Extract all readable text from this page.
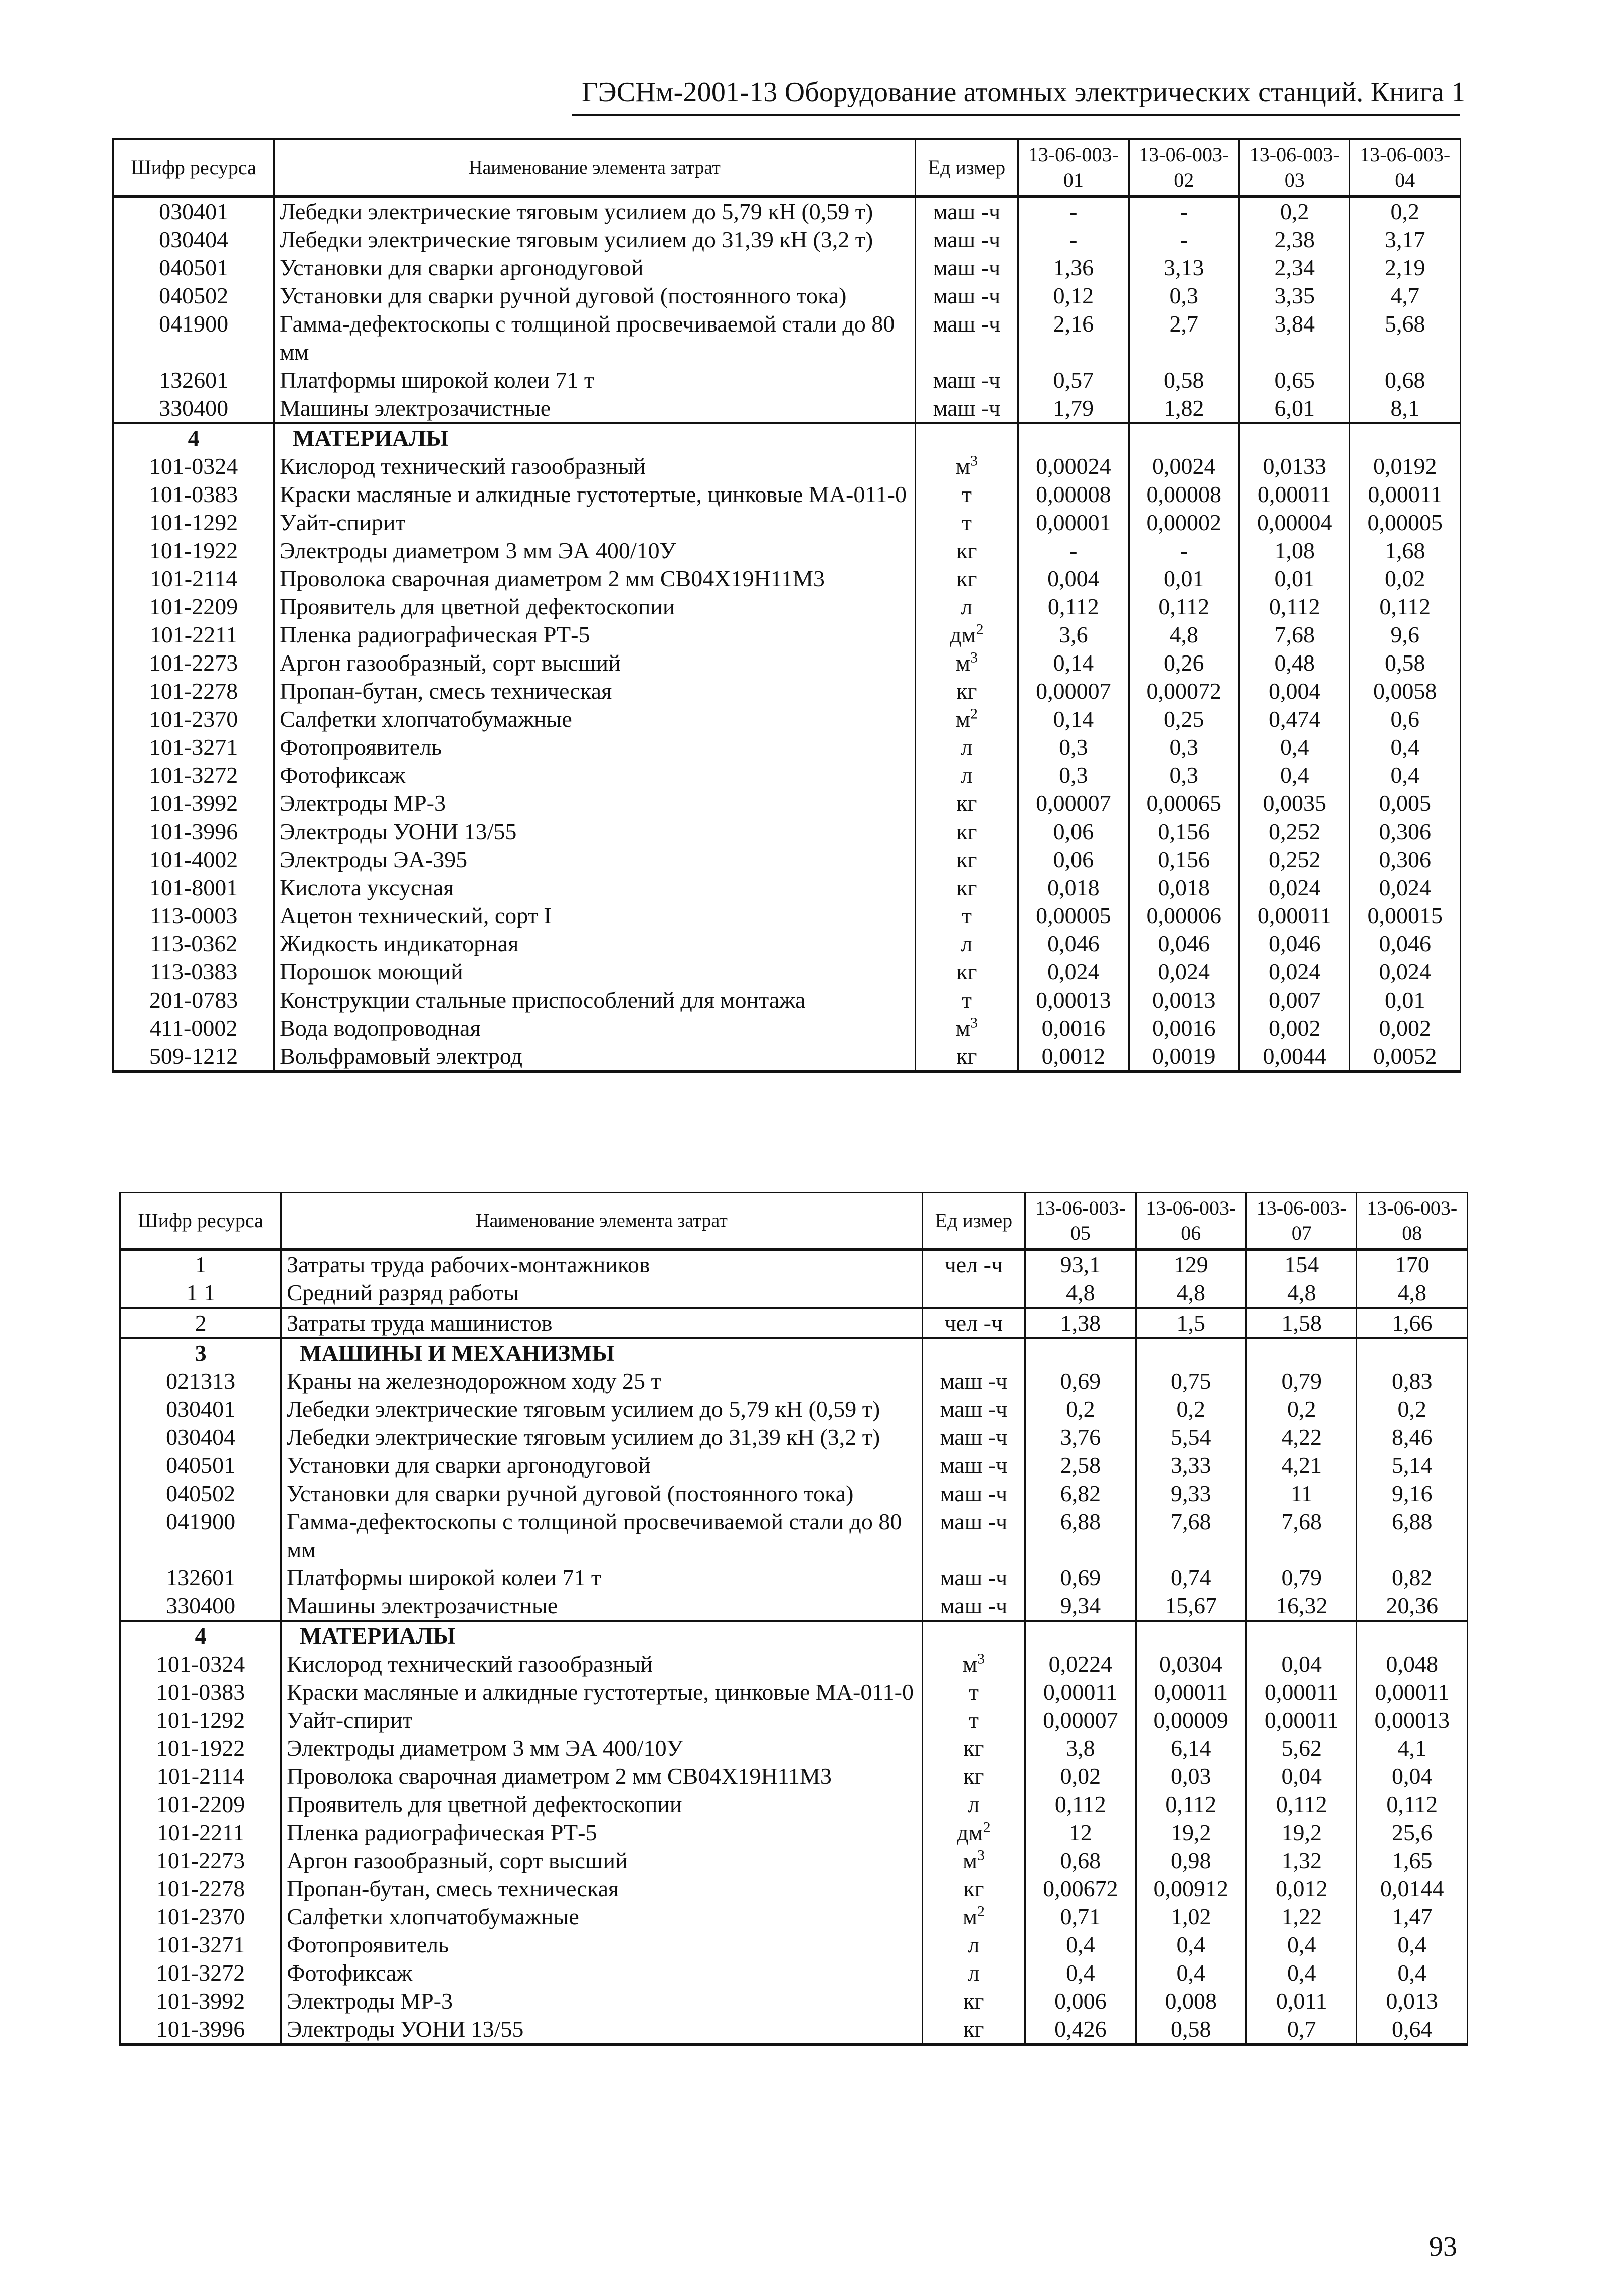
ГЭСНм-2001-13 Оборудование атомных электрических станций. Книга 1
Шифр ресурса	Наименование элемента затрат	Ед измер	13-06-003-01	13-06-003-02	13-06-003-03	13-06-003-04
030401	Лебедки электрические тяговым усилием до 5,79 кН (0,59 т)	маш -ч	-	-	0,2	0,2
030404	Лебедки электрические тяговым усилием до 31,39 кН (3,2 т)	маш -ч	-	-	2,38	3,17
040501	Установки для сварки аргонодуговой	маш -ч	1,36	3,13	2,34	2,19
040502	Установки для сварки ручной дуговой (постоянного тока)	маш -ч	0,12	0,3	3,35	4,7
041900	Гамма-дефектоскопы с толщиной просвечиваемой стали до 80 мм	маш -ч	2,16	2,7	3,84	5,68
132601	Платформы широкой колеи 71 т	маш -ч	0,57	0,58	0,65	0,68
330400	Машины электрозачистные	маш -ч	1,79	1,82	6,01	8,1
4	МАТЕРИАЛЫ					
101-0324	Кислород технический газообразный	$м^3$	0,00024	0,0024	0,0133	0,0192
101-0383	Краски масляные и алкидные густотертые, цинковые МА-011-0	т	0,00008	0,00008	0,00011	0,00011
101-1292	Уайт-спирит	т	0,00001	0,00002	0,00004	0,00005
101-1922	Электроды диаметром 3 мм ЭА 400/10У	кг	-	-	1,08	1,68
101-2114	Проволока сварочная диаметром 2 мм СВ04Х19Н11М3	кг	0,004	0,01	0,01	0,02
101-2209	Проявитель для цветной дефектоскопии	л	0,112	0,112	0,112	0,112
101-2211	Пленка радиографическая РТ-5	$дм^2$	3,6	4,8	7,68	9,6
101-2273	Аргон газообразный, сорт высший	$м^3$	0,14	0,26	0,48	0,58
101-2278	Пропан-бутан, смесь техническая	кг	0,00007	0,00072	0,004	0,0058
101-2370	Салфетки хлопчатобумажные	$м^2$	0,14	0,25	0,474	0,6
101-3271	Фотопроявитель	л	0,3	0,3	0,4	0,4
101-3272	Фотофиксаж	л	0,3	0,3	0,4	0,4
101-3992	Электроды МР-3	кг	0,00007	0,00065	0,0035	0,005
101-3996	Электроды УОНИ 13/55	кг	0,06	0,156	0,252	0,306
101-4002	Электроды ЭА-395	кг	0,06	0,156	0,252	0,306
101-8001	Кислота уксусная	кг	0,018	0,018	0,024	0,024
113-0003	Ацетон технический, сорт I	т	0,00005	0,00006	0,00011	0,00015
113-0362	Жидкость индикаторная	л	0,046	0,046	0,046	0,046
113-0383	Порошок моющий	кг	0,024	0,024	0,024	0,024
201-0783	Конструкции стальные приспособлений для монтажа	т	0,00013	0,0013	0,007	0,01
411-0002	Вода водопроводная	$м^3$	0,0016	0,0016	0,002	0,002
509-1212	Вольфрамовый электрод	кг	0,0012	0,0019	0,0044	0,0052
Шифр ресурса	Наименование элемента затрат	Ед измер	13-06-003-05	13-06-003-06	13-06-003-07	13-06-003-08
1	Затраты труда рабочих-монтажников	чел -ч	93,1	129	154	170
1 1	Средний разряд работы		4,8	4,8	4,8	4,8
2	Затраты труда машинистов	чел -ч	1,38	1,5	1,58	1,66
3	МАШИНЫ И МЕХАНИЗМЫ					
021313	Краны на железнодорожном ходу 25 т	маш -ч	0,69	0,75	0,79	0,83
030401	Лебедки электрические тяговым усилием до 5,79 кН (0,59 т)	маш -ч	0,2	0,2	0,2	0,2
030404	Лебедки электрические тяговым усилием до 31,39 кН (3,2 т)	маш -ч	3,76	5,54	4,22	8,46
040501	Установки для сварки аргонодуговой	маш -ч	2,58	3,33	4,21	5,14
040502	Установки для сварки ручной дуговой (постоянного тока)	маш -ч	6,82	9,33	11	9,16
041900	Гамма-дефектоскопы с толщиной просвечиваемой стали до 80 мм	маш -ч	6,88	7,68	7,68	6,88
132601	Платформы широкой колеи 71 т	маш -ч	0,69	0,74	0,79	0,82
330400	Машины электрозачистные	маш -ч	9,34	15,67	16,32	20,36
4	МАТЕРИАЛЫ					
101-0324	Кислород технический газообразный	$м^3$	0,0224	0,0304	0,04	0,048
101-0383	Краски масляные и алкидные густотертые, цинковые МА-011-0	т	0,00011	0,00011	0,00011	0,00011
101-1292	Уайт-спирит	т	0,00007	0,00009	0,00011	0,00013
101-1922	Электроды диаметром 3 мм ЭА 400/10У	кг	3,8	6,14	5,62	4,1
101-2114	Проволока сварочная диаметром 2 мм СВ04Х19Н11М3	кг	0,02	0,03	0,04	0,04
101-2209	Проявитель для цветной дефектоскопии	л	0,112	0,112	0,112	0,112
101-2211	Пленка радиографическая РТ-5	$дм^2$	12	19,2	19,2	25,6
101-2273	Аргон газообразный, сорт высший	$м^3$	0,68	0,98	1,32	1,65
101-2278	Пропан-бутан, смесь техническая	кг	0,00672	0,00912	0,012	0,0144
101-2370	Салфетки хлопчатобумажные	$м^2$	0,71	1,02	1,22	1,47
101-3271	Фотопроявитель	л	0,4	0,4	0,4	0,4
101-3272	Фотофиксаж	л	0,4	0,4	0,4	0,4
101-3992	Электроды МР-3	кг	0,006	0,008	0,011	0,013
101-3996	Электроды УОНИ 13/55	кг	0,426	0,58	0,7	0,64
93
